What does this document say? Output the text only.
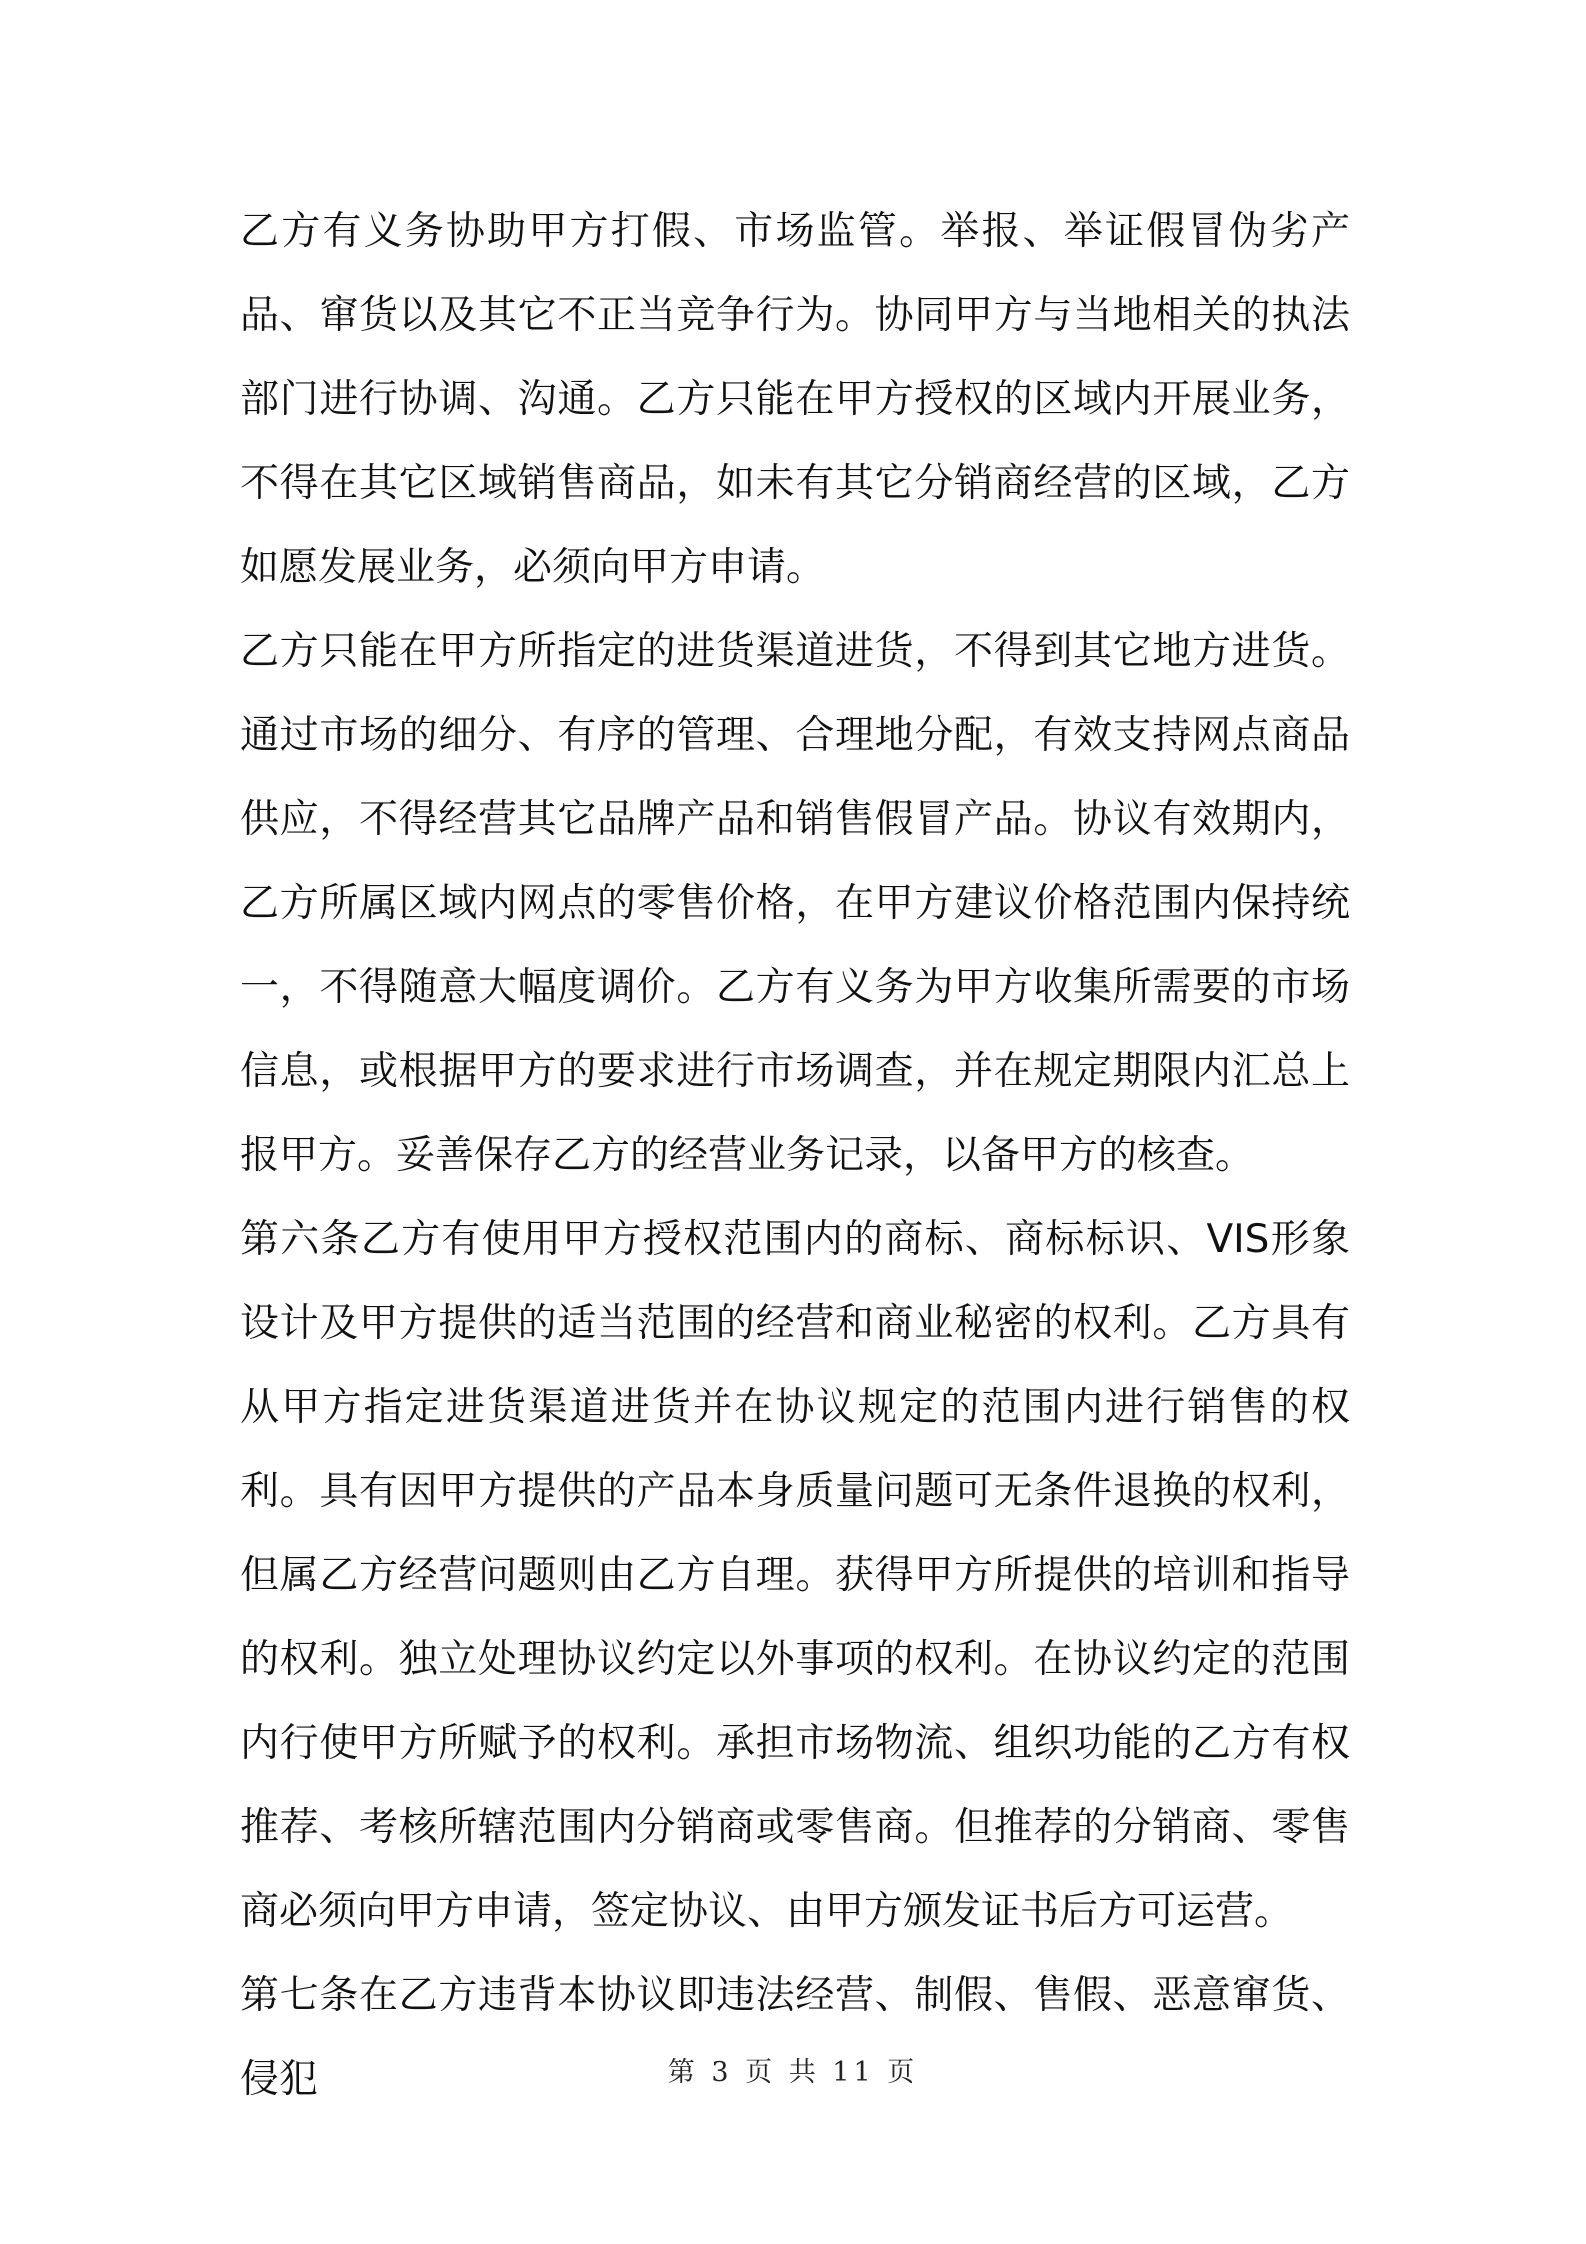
乙方有义务协助甲方打假、市场监管。举报、举证假冒伪劣产品、窜货以及其它不正当竞争行为。协同甲方与当地相关的执法部门进行协调、沟通。乙方只能在甲方授权的区域内开展业务，不得在其它区域销售商品，如未有其它分销商经营的区域，乙方如愿发展业务，必须向甲方申请。

乙方只能在甲方所指定的进货渠道进货，不得到其它地方进货。通过市场的细分、有序的管理、合理地分配，有效支持网点商品供应，不得经营其它品牌产品和销售假冒产品。协议有效期内，乙方所属区域内网点的零售价格，在甲方建议价格范围内保持统一，不得随意大幅度调价。乙方有义务为甲方收集所需要的市场信息，或根据甲方的要求进行市场调查，并在规定期限内汇总上报甲方。妥善保存乙方的经营业务记录，以备甲方的核查。

第六条乙方有使用甲方授权范围内的商标、商标标识、VIS形象设计及甲方提供的适当范围的经营和商业秘密的权利。乙方具有从甲方指定进货渠道进货并在协议规定的范围内进行销售的权利。具有因甲方提供的产品本身质量问题可无条件退换的权利，但属乙方经营问题则由乙方自理。获得甲方所提供的培训和指导的权利。独立处理协议约定以外事项的权利。在协议约定的范围内行使甲方所赋予的权利。承担市场物流、组织功能的乙方有权推荐、考核所辖范围内分销商或零售商。但推荐的分销商、零售商必须向甲方申请，签定协议、由甲方颁发证书后方可运营。

第七条在乙方违背本协议即违法经营、制假、售假、恶意窜货、侵犯	第 3 页 共 11 页
